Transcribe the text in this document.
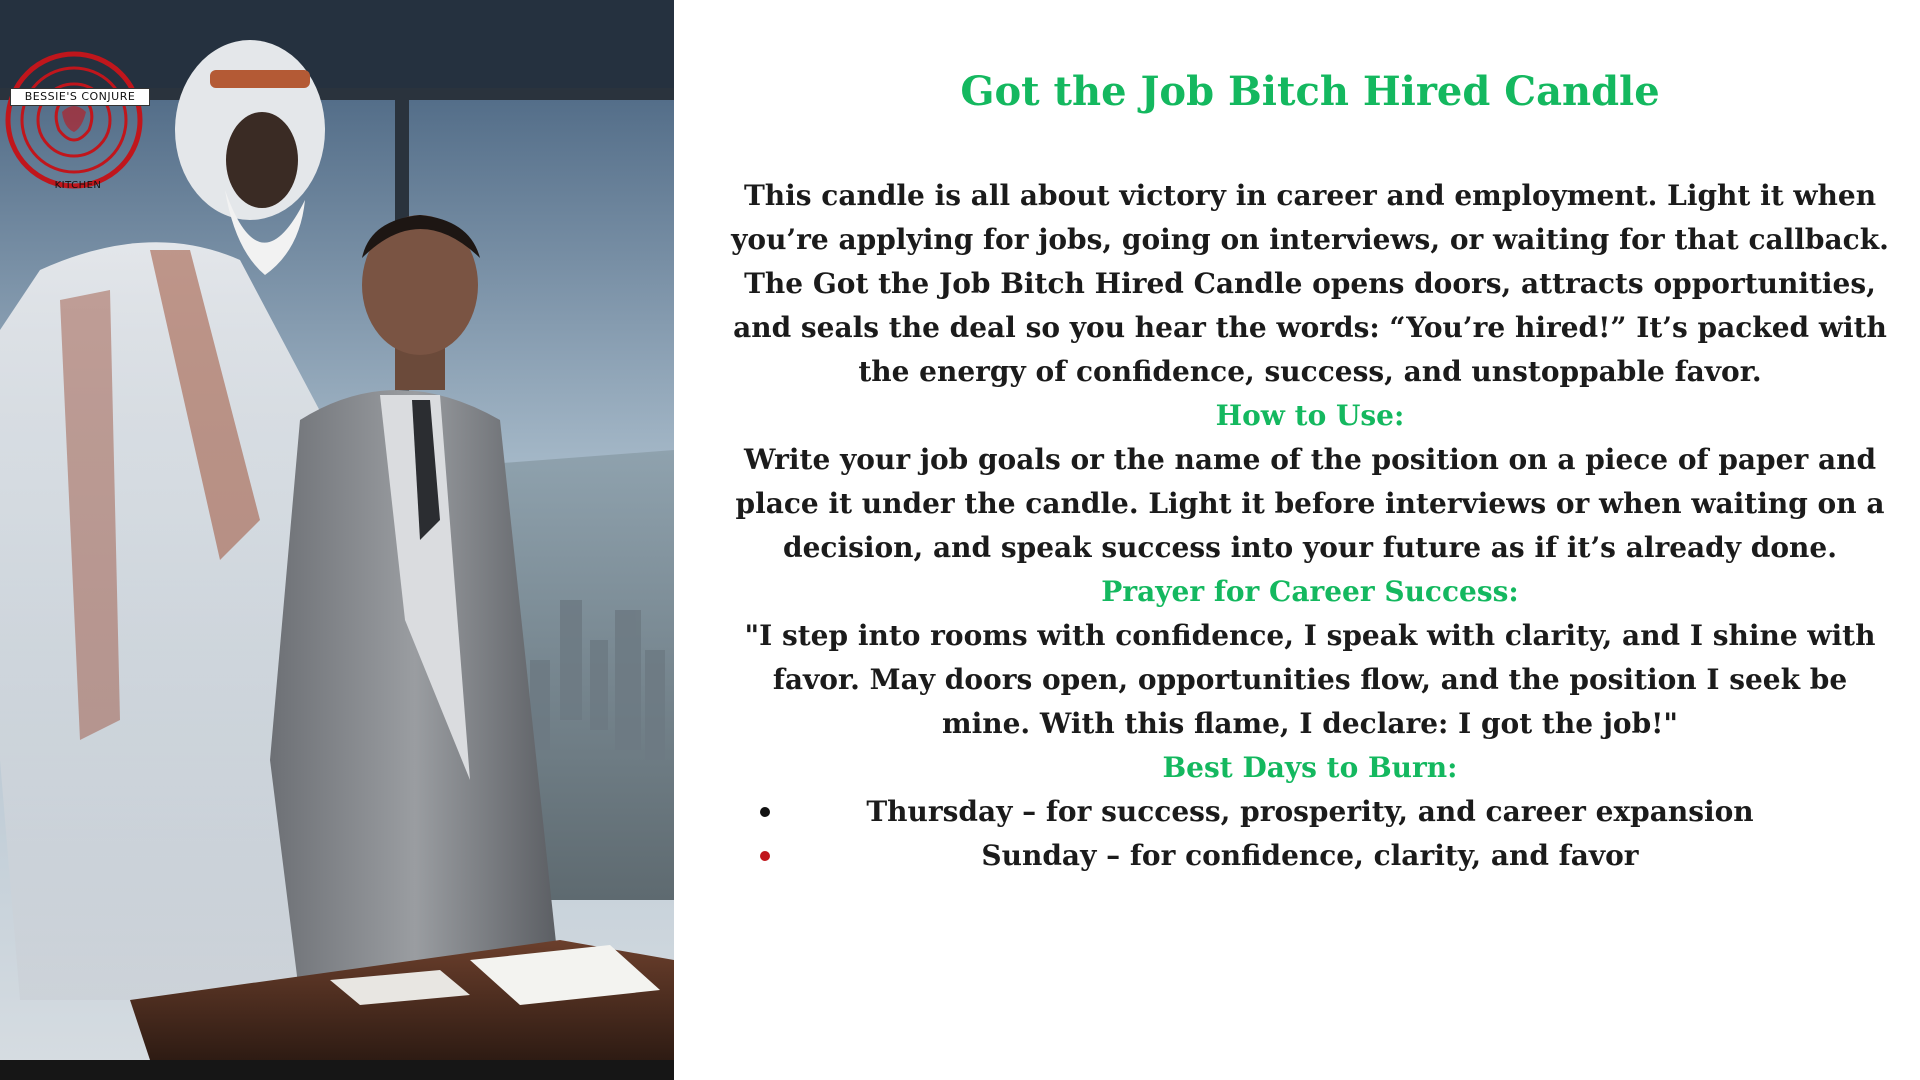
BESSIE'S CONJURE
KITCHEN
Got the Job Bitch Hired Candle

This candle is all about victory in career and employment. Light it when you’re applying for jobs, going on interviews, or waiting for that callback. The Got the Job Bitch Hired Candle opens doors, attracts opportunities, and seals the deal so you hear the words: “You’re hired!” It’s packed with the energy of confidence, success, and unstoppable favor.

How to Use:

Write your job goals or the name of the position on a piece of paper and place it under the candle. Light it before interviews or when waiting on a decision, and speak success into your future as if it’s already done.

Prayer for Career Success:

"I step into rooms with confidence, I speak with clarity, and I shine with favor. May doors open, opportunities flow, and the position I seek be mine. With this flame, I declare: I got the job!"

Best Days to Burn:

Thursday – for success, prosperity, and career expansion
Sunday – for confidence, clarity, and favor
